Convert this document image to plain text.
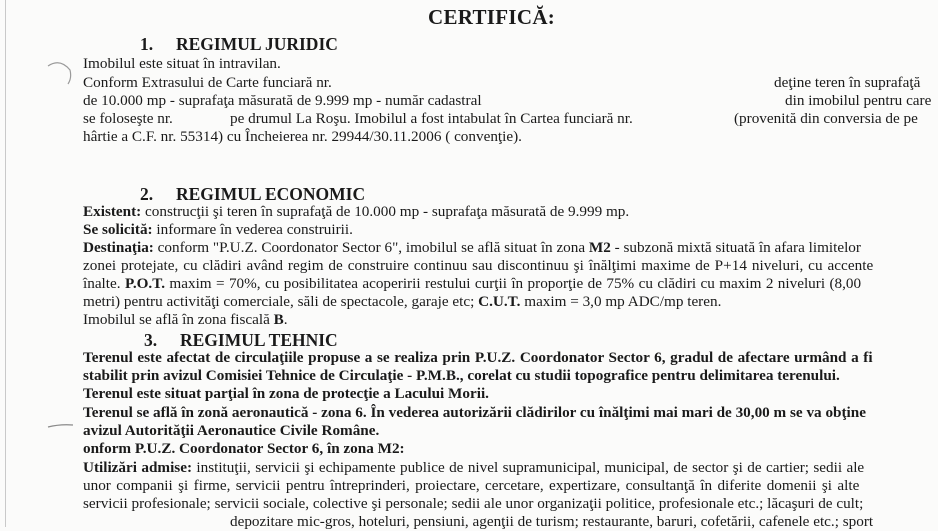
CERTIFICĂ:
1. REGIMUL JURIDIC
Imobilul este situat în intravilan.
Conform Extrasului de Carte funciară nr.
de 10.000 mp - suprafaţa măsurată de 9.999 mp - număr cadastral
se foloseşte nr.	pe drumul La Roşu. Imobilul a fost intabulat în Cartea funciară nr.
hârtie a C.F. nr. 55314) cu Încheierea nr. 29944/30.11.2006 ( convenţie).
deţine teren în suprafaţă
din imobilul pentru care
(provenită din conversia de pe
2. REGIMUL ECONOMIC
Existent: construcţii şi teren în suprafaţă de 10.000 mp - suprafaţa măsurată de 9.999 mp.
Se solicită: informare în vederea construirii.
Destinaţia: conform "P.U.Z. Coordonator Sector 6", imobilul se află situat în zona M2 - subzonă mixtă situată în afara limitelor
zonei protejate, cu clădiri având regim de construire continuu sau discontinuu şi înălţimi maxime de P+14 niveluri, cu accente
înalte. P.O.T. maxim = 70%, cu posibilitatea acoperirii restului curţii în proporţie de 75% cu clădiri cu maxim 2 niveluri (8,00
metri) pentru activităţi comerciale, săli de spectacole, garaje etc; C.U.T. maxim = 3,0 mp ADC/mp teren.
Imobilul se află în zona fiscală B.
3. REGIMUL TEHNIC
Terenul este afectat de circulaţiile propuse a se realiza prin P.U.Z. Coordonator Sector 6, gradul de afectare urmând a fi
stabilit prin avizul Comisiei Tehnice de Circulaţie - P.M.B., corelat cu studii topografice pentru delimitarea terenului.
Terenul este situat parţial în zona de protecţie a Lacului Morii.
Terenul se află în zonă aeronautică - zona 6. În vederea autorizării clădirilor cu înălţimi mai mari de 30,00 m se va obţine
avizul Autorităţii Aeronautice Civile Române.
onform P.U.Z. Coordonator Sector 6, în zona M2:
Utilizări admise: instituţii, servicii şi echipamente publice de nivel supramunicipal, municipal, de sector şi de cartier; sedii ale
unor companii şi firme, servicii pentru întreprinderi, proiectare, cercetare, expertizare, consultanţă în diferite domenii şi alte
servicii profesionale; servicii sociale, colective şi personale; sedii ale unor organizaţii politice, profesionale etc.; lăcaşuri de cult;
depozitare mic-gros, hoteluri, pensiuni, agenţii de turism; restaurante, baruri, cofetării, cafenele etc.; sport
